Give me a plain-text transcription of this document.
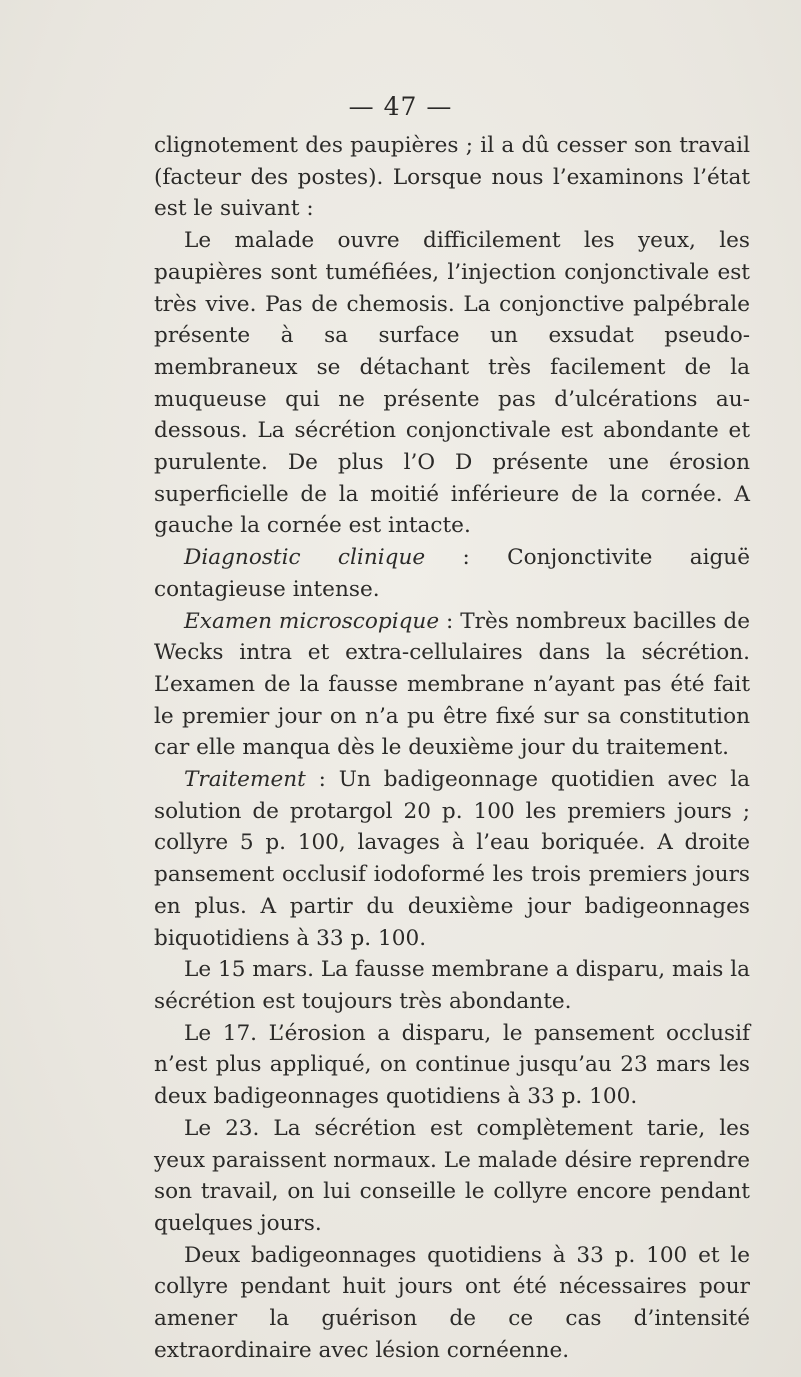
— 47 —

clignotement des paupières ; il a dû cesser son travail (facteur des postes). Lorsque nous l’examinons l’état est le suivant :

Le malade ouvre difficilement les yeux, les paupières sont tuméfiées, l’injection conjonctivale est très vive. Pas de chemosis. La conjonctive palpébrale présente à sa surface un exsudat pseudo-membraneux se détachant très facilement de la muqueuse qui ne présente pas d’ulcérations au-dessous. La sécrétion conjonctivale est abondante et purulente. De plus l’O D présente une érosion superficielle de la moitié inférieure de la cornée. A gauche la cornée est intacte.

Diagnostic clinique : Conjonctivite aiguë contagieuse intense.

Examen microscopique : Très nombreux bacilles de Wecks intra et extra-cellulaires dans la sécrétion. L’examen de la fausse membrane n’ayant pas été fait le premier jour on n’a pu être fixé sur sa constitution car elle manqua dès le deuxième jour du traitement.

Traitement : Un badigeonnage quotidien avec la solution de protargol 20 p. 100 les premiers jours ; collyre 5 p. 100, lavages à l’eau boriquée. A droite pansement occlusif iodoformé les trois premiers jours en plus. A partir du deuxième jour badigeonnages biquotidiens à 33 p. 100.

Le 15 mars. La fausse membrane a disparu, mais la sécrétion est toujours très abondante.

Le 17. L’érosion a disparu, le pansement occlusif n’est plus appliqué, on continue jusqu’au 23 mars les deux badigeonnages quotidiens à 33 p. 100.

Le 23. La sécrétion est complètement tarie, les yeux paraissent normaux. Le malade désire reprendre son travail, on lui conseille le collyre encore pendant quelques jours.

Deux badigeonnages quotidiens à 33 p. 100 et le collyre pendant huit jours ont été nécessaires pour amener la guérison de ce cas d’intensité extraordinaire avec lésion cornéenne.
